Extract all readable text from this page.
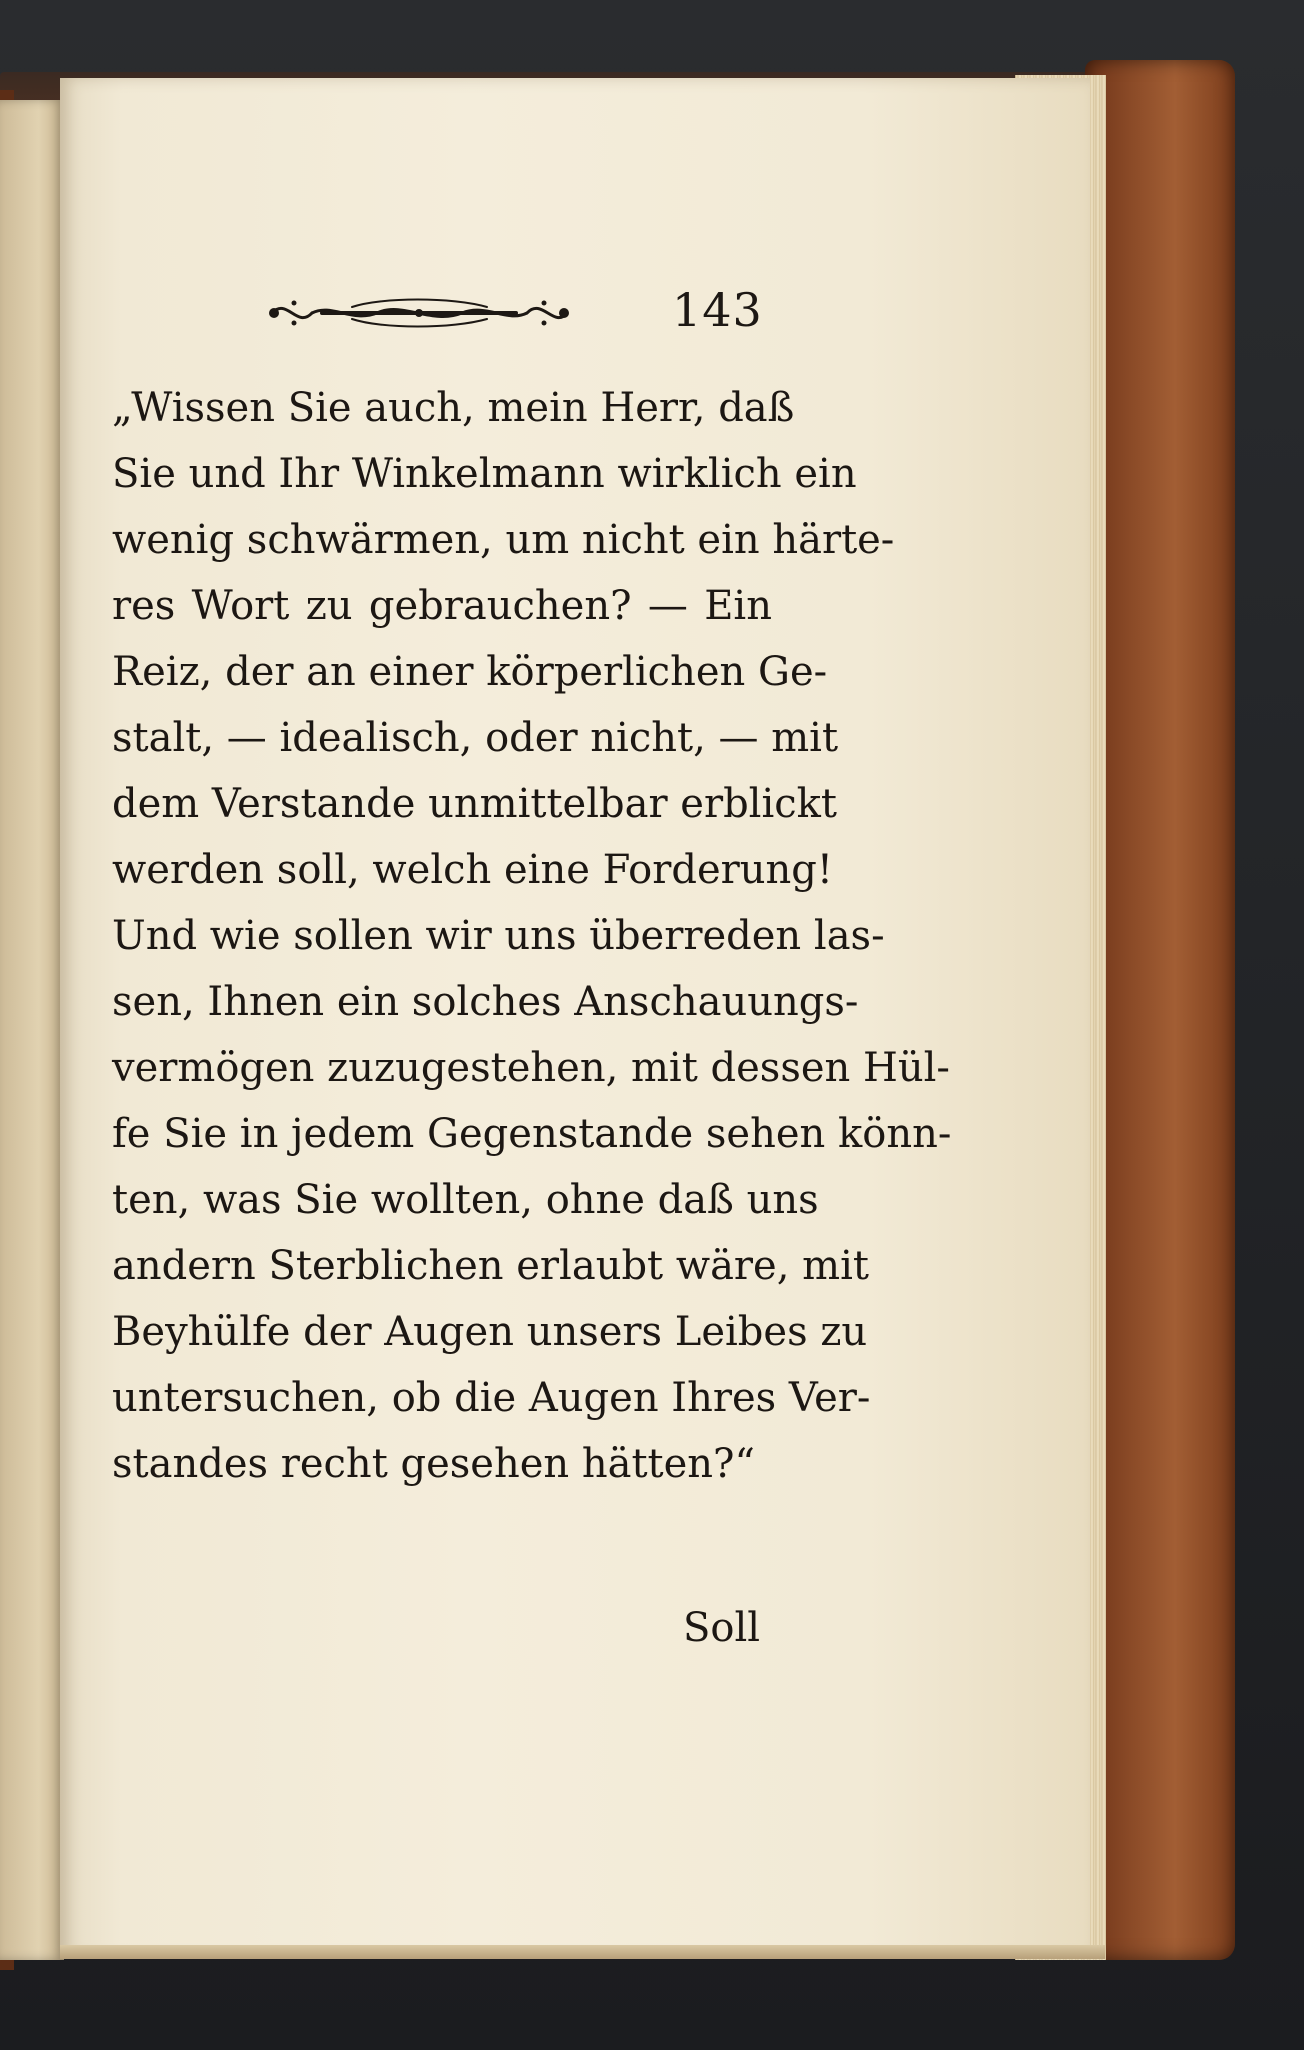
143
„Wissen Sie auch, mein Herr, daß
Sie und Ihr Winkelmann wirklich ein
wenig schwärmen, um nicht ein härte-
res Wort zu gebrauchen? — Ein
Reiz, der an einer körperlichen Ge-
stalt, — idealisch, oder nicht, — mit
dem Verstande unmittelbar erblickt
werden soll, welch eine Forderung!
Und wie sollen wir uns überreden las-
sen, Ihnen ein solches Anschauungs-
vermögen zuzugestehen, mit dessen Hül-
fe Sie in jedem Gegenstande sehen könn-
ten, was Sie wollten, ohne daß uns
andern Sterblichen erlaubt wäre, mit
Beyhülfe der Augen unsers Leibes zu
untersuchen, ob die Augen Ihres Ver-
standes recht gesehen hätten?“
Soll
